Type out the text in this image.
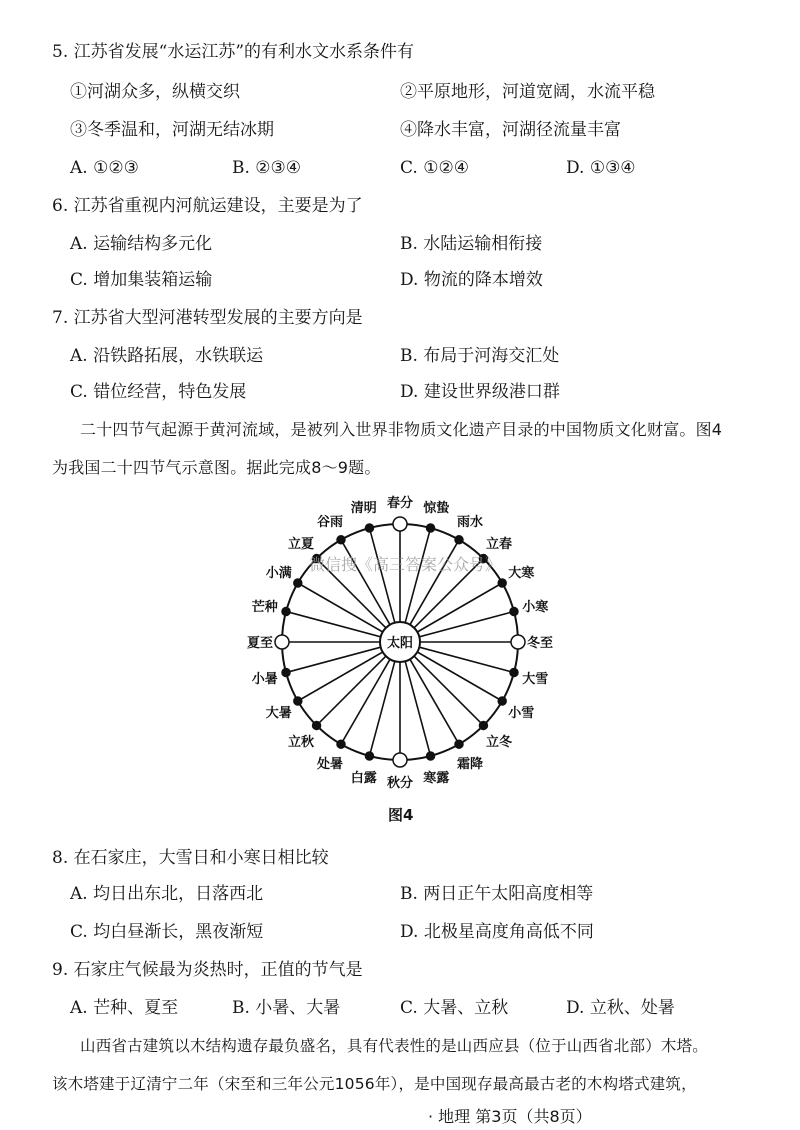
5. 江苏省发展“水运江苏”的有利水文水系条件有
①河湖众多，纵横交织	②平原地形，河道宽阔，水流平稳
③冬季温和，河湖无结冰期	④降水丰富，河湖径流量丰富
A. ①②③	B. ②③④	C. ①②④	D. ①③④
6. 江苏省重视内河航运建设，主要是为了
A. 运输结构多元化	B. 水陆运输相衔接
C. 增加集装箱运输	D. 物流的降本增效
7. 江苏省大型河港转型发展的主要方向是
A. 沿铁路拓展，水铁联运	B. 布局于河海交汇处
C. 错位经营，特色发展	D. 建设世界级港口群
二十四节气起源于黄河流域，是被列入世界非物质文化遗产目录的中国物质文化财富。图4
为我国二十四节气示意图。据此完成8～9题。
春分 惊蛰
雨水
立春
大寒
小寒
冬至
大雪
小雪
立冬
霜降
寒露
秋分
白露
处暑
立秋
大暑
小暑
夏至
芒种
小满
立夏
谷雨
清明
太阳
微信搜《高三答案公众号》
图4
8. 在石家庄，大雪日和小寒日相比较
A. 均日出东北，日落西北	B. 两日正午太阳高度相等
C. 均白昼渐长，黑夜渐短	D. 北极星高度角高低不同
9. 石家庄气候最为炎热时，正值的节气是
A. 芒种、夏至	B. 小暑、大暑	C. 大暑、立秋	D. 立秋、处暑
山西省古建筑以木结构遗存最负盛名，具有代表性的是山西应县（位于山西省北部）木塔。
该木塔建于辽清宁二年（宋至和三年公元1056年），是中国现存最高最古老的木构塔式建筑，
· 地理 第3页（共8页）
